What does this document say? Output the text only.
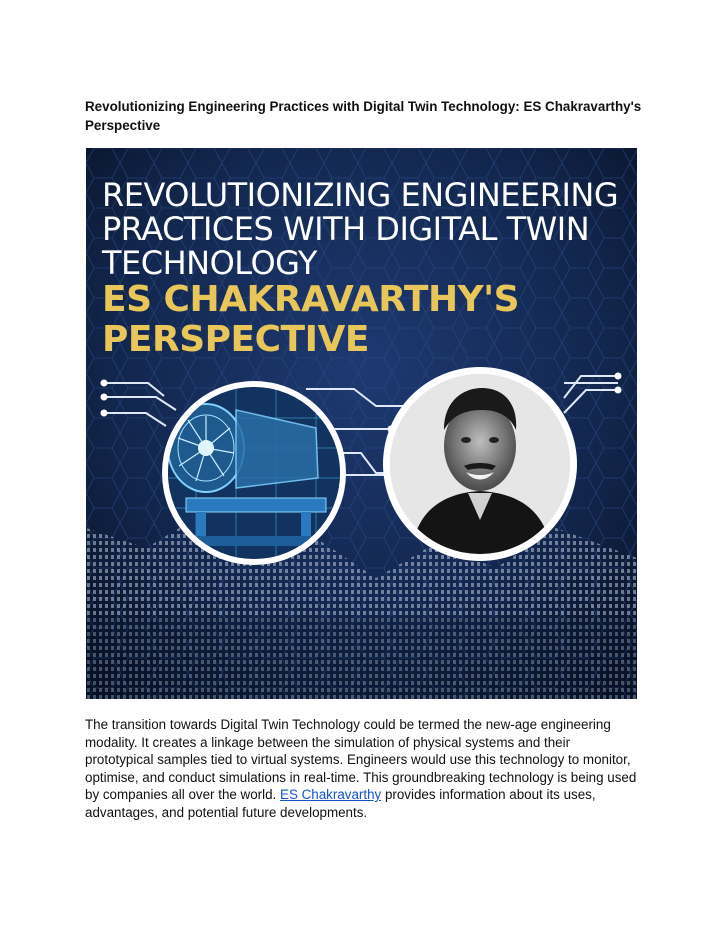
Revolutionizing Engineering Practices with Digital Twin Technology: ES Chakravarthy's Perspective
REVOLUTIONIZING ENGINEERING
PRACTICES WITH DIGITAL TWIN
TECHNOLOGY
ES CHAKRAVARTHY'S
PERSPECTIVE

The transition towards Digital Twin Technology could be termed the new-age engineering modality. It creates a linkage between the simulation of physical systems and their prototypical samples tied to virtual systems. Engineers would use this technology to monitor, optimise, and conduct simulations in real-time. This groundbreaking technology is being used by companies all over the world. ES Chakravarthy provides information about its uses, advantages, and potential future developments.
